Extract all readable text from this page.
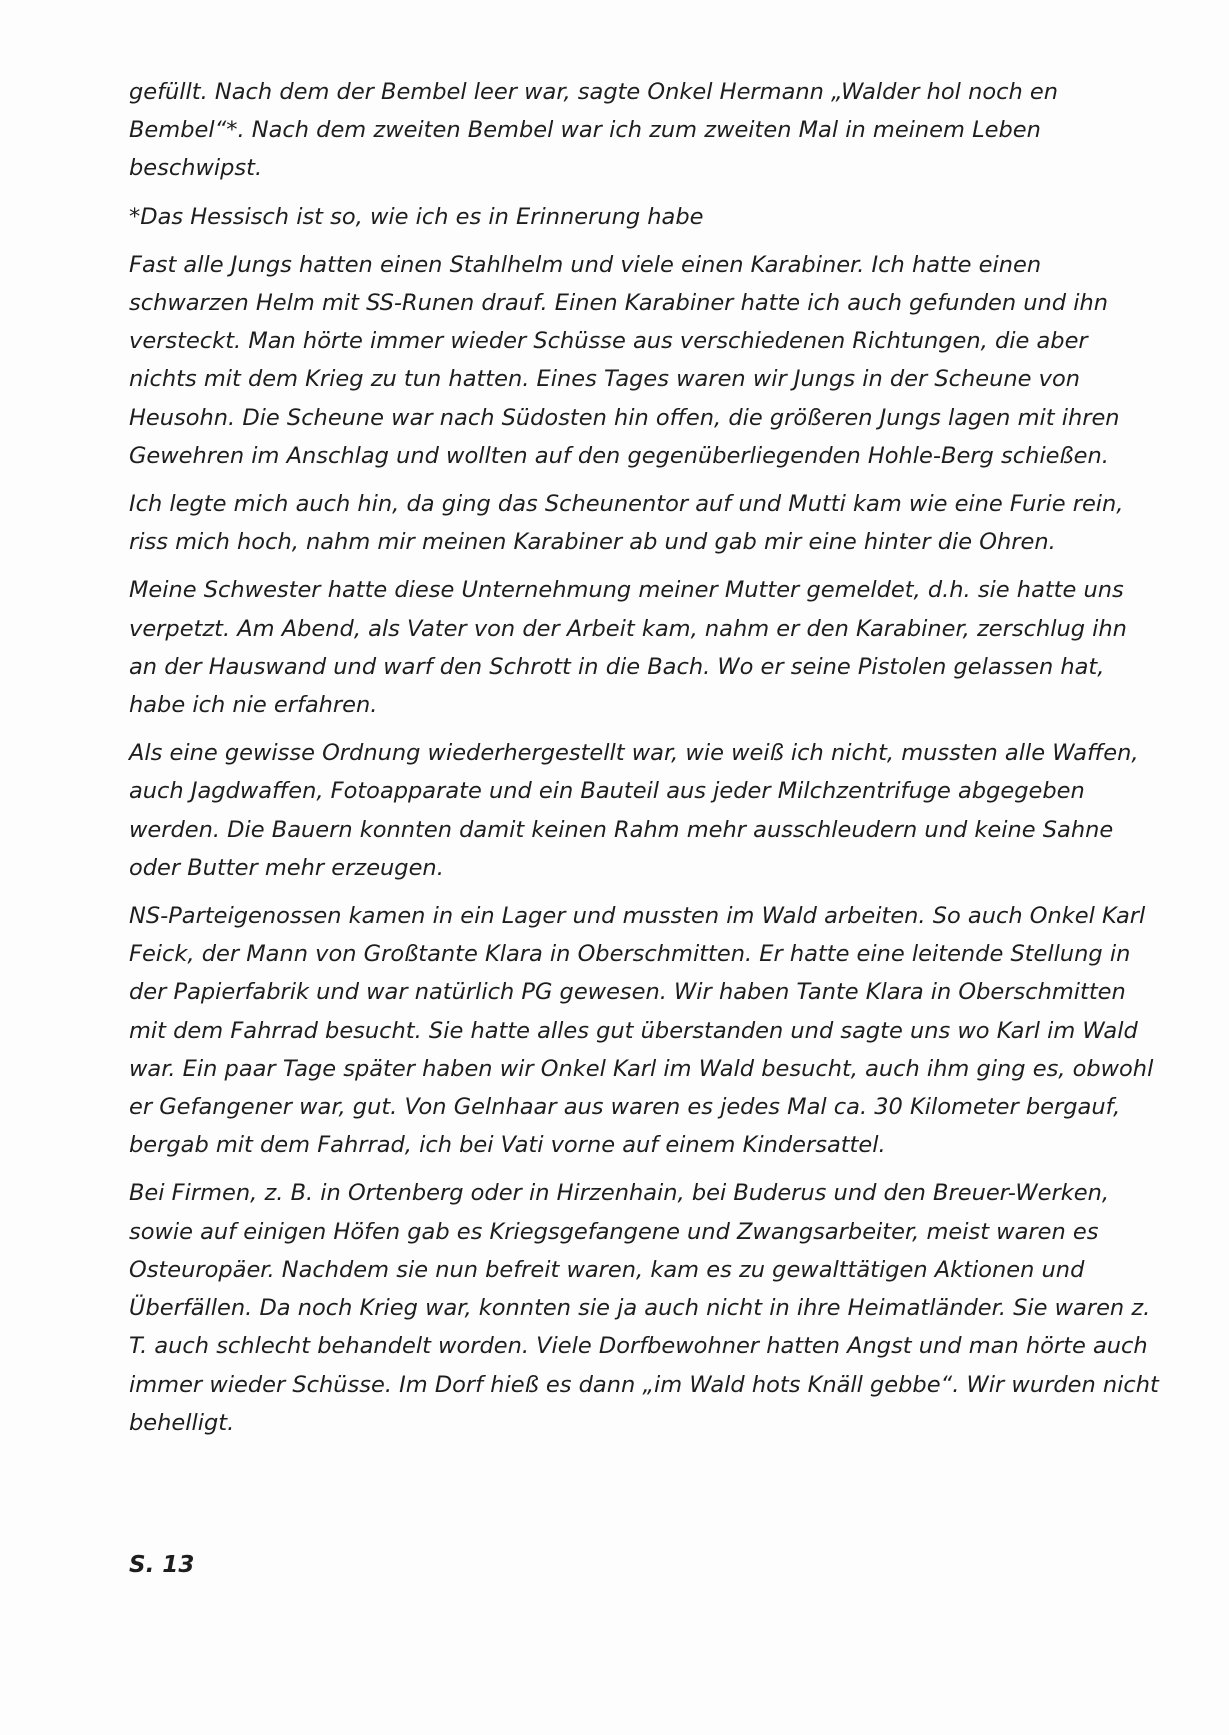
gefüllt. Nach dem der Bembel leer war, sagte Onkel Hermann „Walder hol noch en Bembel“*. Nach dem zweiten Bembel war ich zum zweiten Mal in meinem Leben beschwipst.

*Das Hessisch ist so, wie ich es in Erinnerung habe

Fast alle Jungs hatten einen Stahlhelm und viele einen Karabiner. Ich hatte einen schwarzen Helm mit SS-Runen drauf. Einen Karabiner hatte ich auch gefunden und ihn versteckt. Man hörte immer wieder Schüsse aus verschiedenen Richtungen, die aber nichts mit dem Krieg zu tun hatten. Eines Tages waren wir Jungs in der Scheune von Heusohn. Die Scheune war nach Südosten hin offen, die größeren Jungs lagen mit ihren Gewehren im Anschlag und wollten auf den gegenüberliegenden Hohle-Berg schießen.

Ich legte mich auch hin, da ging das Scheunentor auf und Mutti kam wie eine Furie rein, riss mich hoch, nahm mir meinen Karabiner ab und gab mir eine hinter die Ohren.

Meine Schwester hatte diese Unternehmung meiner Mutter gemeldet, d.h. sie hatte uns verpetzt. Am Abend, als Vater von der Arbeit kam, nahm er den Karabiner, zerschlug ihn an der Hauswand und warf den Schrott in die Bach. Wo er seine Pistolen gelassen hat, habe ich nie erfahren.

Als eine gewisse Ordnung wiederhergestellt war, wie weiß ich nicht, mussten alle Waffen, auch Jagdwaffen, Fotoapparate und ein Bauteil aus jeder Milchzentrifuge abgegeben werden. Die Bauern konnten damit keinen Rahm mehr ausschleudern und keine Sahne oder Butter mehr erzeugen.

NS-Parteigenossen kamen in ein Lager und mussten im Wald arbeiten. So auch Onkel Karl Feick, der Mann von Großtante Klara in Oberschmitten. Er hatte eine leitende Stellung in der Papierfabrik und war natürlich PG gewesen. Wir haben Tante Klara in Oberschmitten mit dem Fahrrad besucht. Sie hatte alles gut überstanden und sagte uns wo Karl im Wald war. Ein paar Tage später haben wir Onkel Karl im Wald besucht, auch ihm ging es, obwohl er Gefangener war, gut. Von Gelnhaar aus waren es jedes Mal ca. 30 Kilometer bergauf, bergab mit dem Fahrrad, ich bei Vati vorne auf einem Kindersattel.

Bei Firmen, z. B. in Ortenberg oder in Hirzenhain, bei Buderus und den Breuer-Werken, sowie auf einigen Höfen gab es Kriegsgefangene und Zwangsarbeiter, meist waren es Osteuropäer. Nachdem sie nun befreit waren, kam es zu gewalttätigen Aktionen und Überfällen. Da noch Krieg war, konnten sie ja auch nicht in ihre Heimatländer. Sie waren z. T. auch schlecht behandelt worden. Viele Dorfbewohner hatten Angst und man hörte auch immer wieder Schüsse. Im Dorf hieß es dann „im Wald hots Knäll gebbe“. Wir wurden nicht behelligt.

S. 13
